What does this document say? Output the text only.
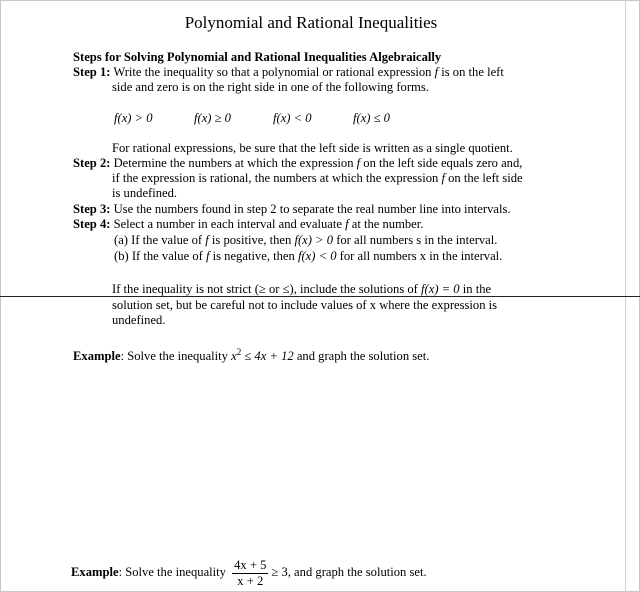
Polynomial and Rational Inequalities
Steps for Solving Polynomial and Rational Inequalities Algebraically
Step 1: Write the inequality so that a polynomial or rational expression f is on the left
side and zero is on the right side in one of the following forms.
f(x) > 0	f(x) ≥ 0	f(x) < 0	f(x) ≤ 0
For rational expressions, be sure that the left side is written as a single quotient.
Step 2: Determine the numbers at which the expression f on the left side equals zero and,
if the expression is rational, the numbers at which the expression f on the left side
is undefined.
Step 3: Use the numbers found in step 2 to separate the real number line into intervals.
Step 4: Select a number in each interval and evaluate f at the number.
(a) If the value of f is positive, then f(x) > 0 for all numbers s in the interval.
(b) If the value of f is negative, then f(x) < 0 for all numbers x in the interval.
If the inequality is not strict (≥ or ≤), include the solutions of f(x) = 0 in the
solution set, but be careful not to include values of x where the expression is
undefined.
Example: Solve the inequality $x^2 \le 4x + 12$ and graph the solution set.
Example: Solve the inequality $\frac{4x + 5}{x + 2} \ge 3$, and graph the solution set.
